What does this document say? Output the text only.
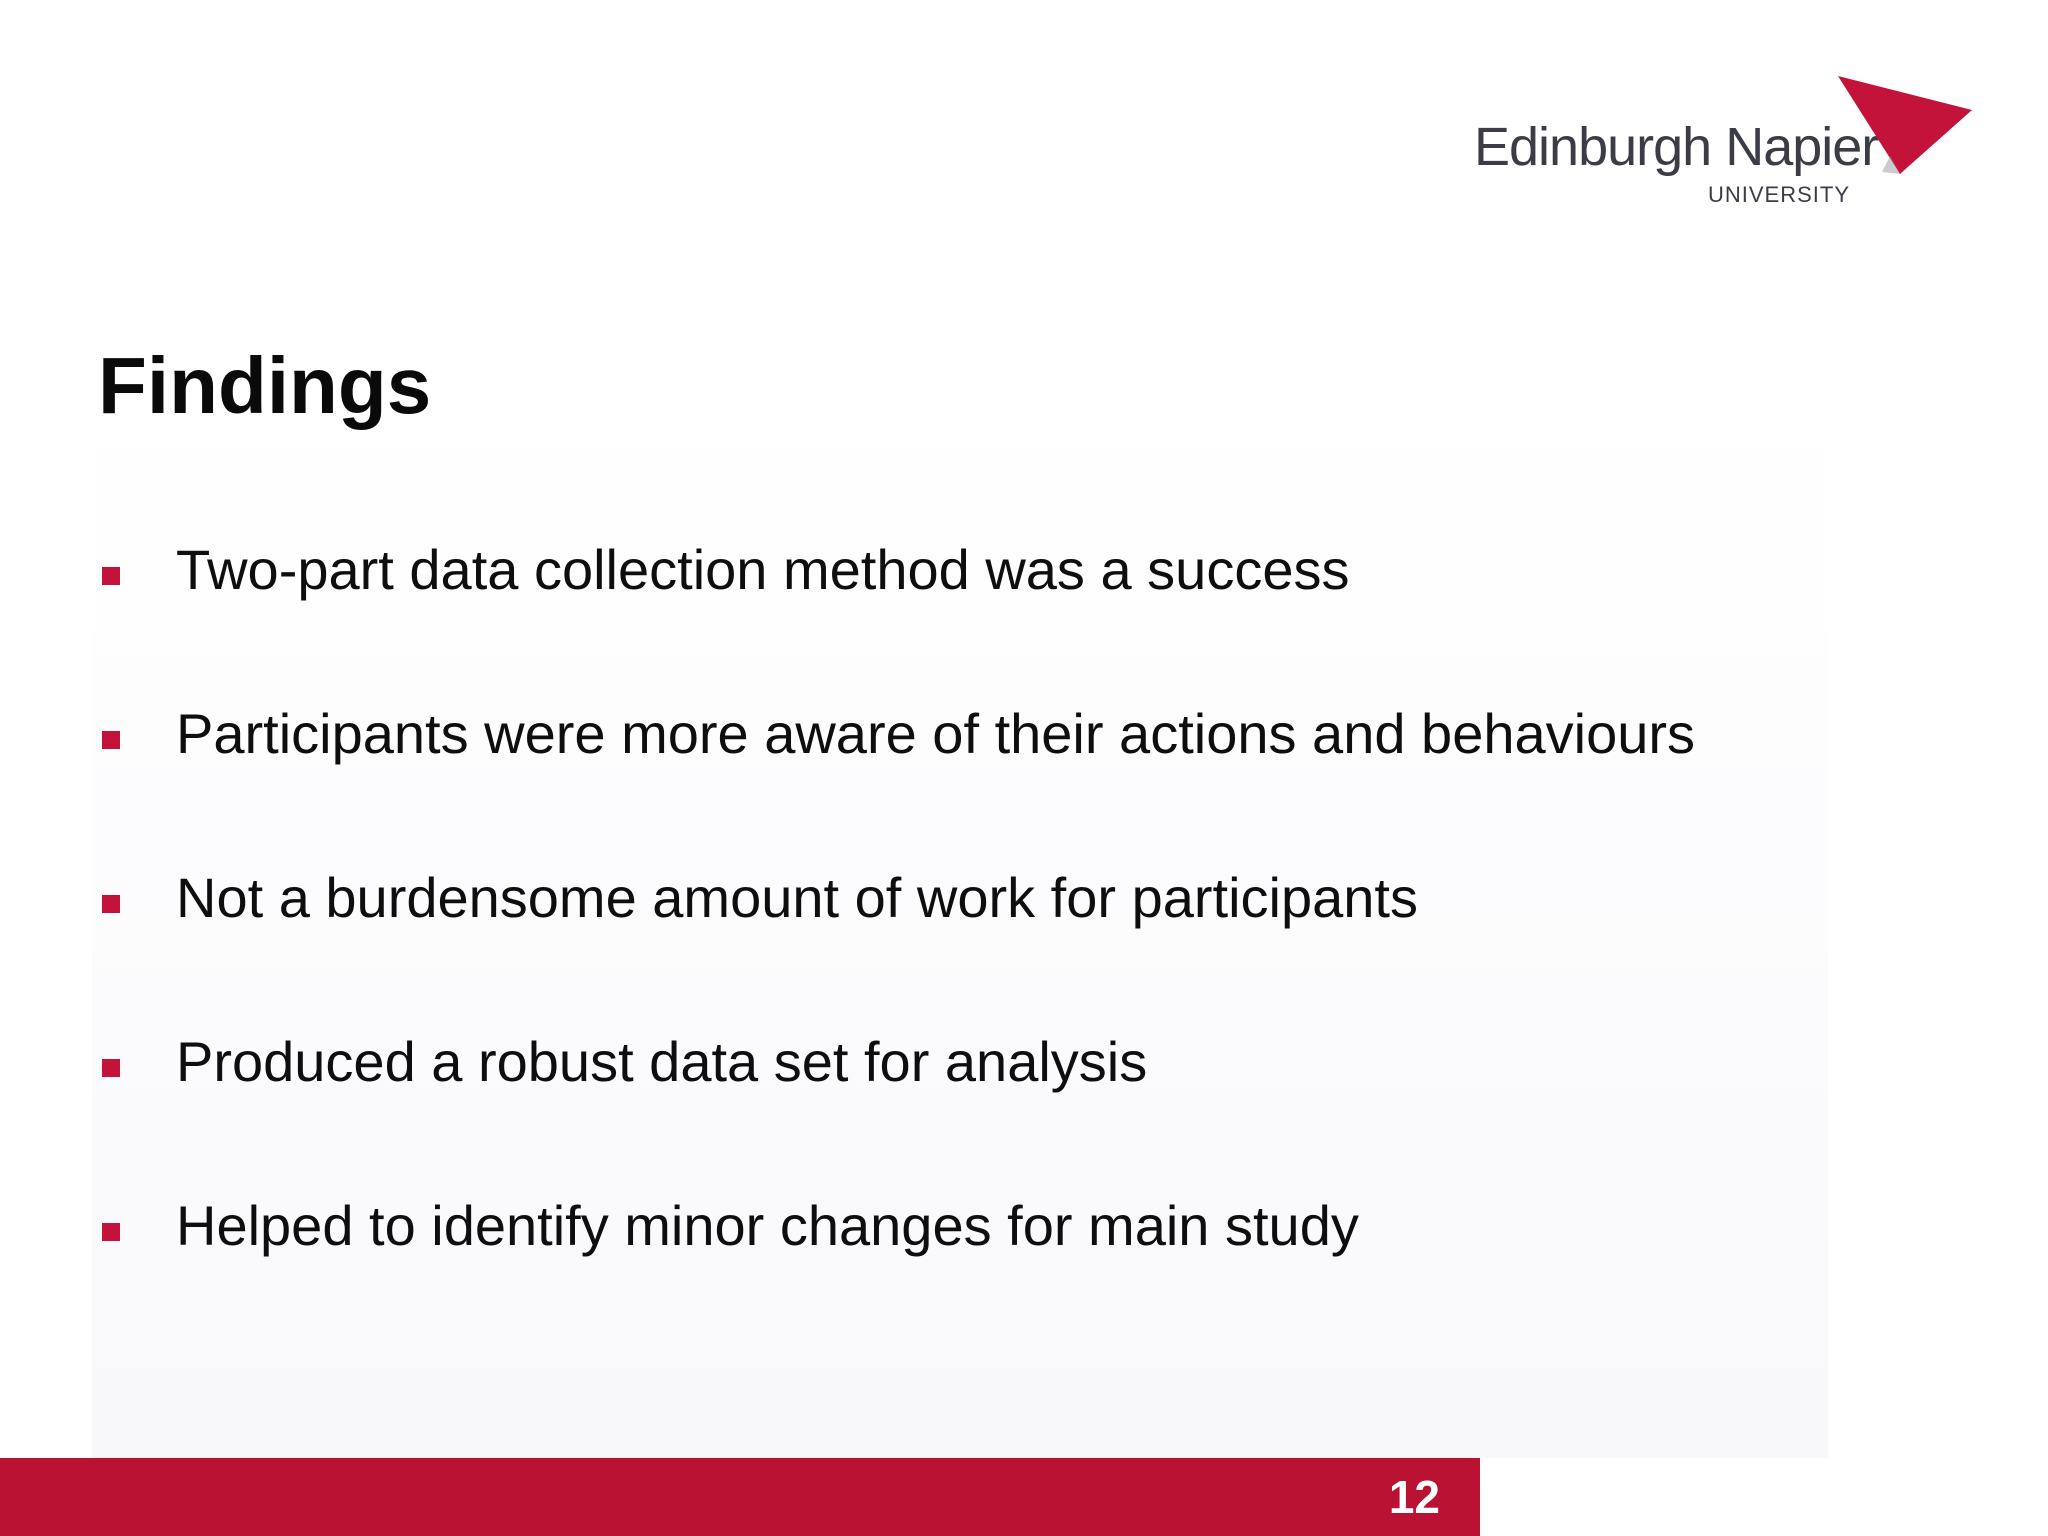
Edinburgh Napier
UNIVERSITY
Findings
Two-part data collection method was a success
Participants were more aware of their actions and behaviours
Not a burdensome amount of work for participants
Produced a robust data set for analysis
Helped to identify minor changes for main study
12
